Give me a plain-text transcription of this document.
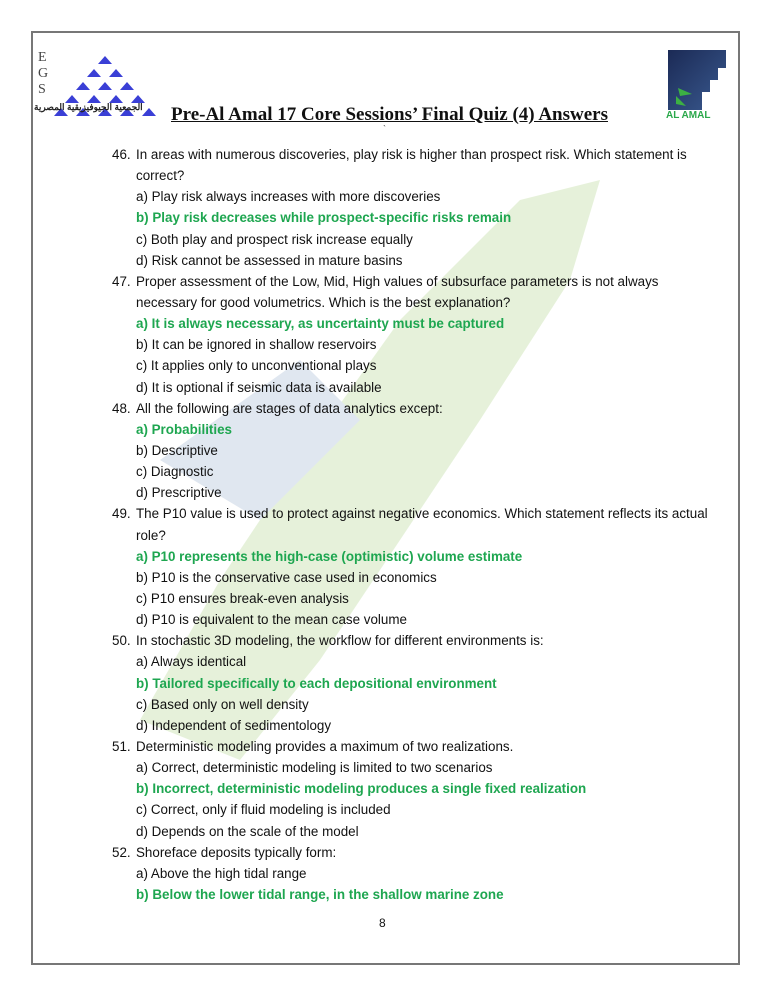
E
G
S
الجمعية الجيوفيزيقية المصرية Pre-Al Amal 17 Core Sessions’ Final Quiz (4) Answers
`
AL AMAL
46. In areas with numerous discoveries, play risk is higher than prospect risk. Which statement is correct?
a) Play risk always increases with more discoveries
b) Play risk decreases while prospect-specific risks remain
c) Both play and prospect risk increase equally
d) Risk cannot be assessed in mature basins
47. Proper assessment of the Low, Mid, High values of subsurface parameters is not always necessary for good volumetrics. Which is the best explanation?
a) It is always necessary, as uncertainty must be captured
b) It can be ignored in shallow reservoirs
c) It applies only to unconventional plays
d) It is optional if seismic data is available
48. All the following are stages of data analytics except:
a) Probabilities
b) Descriptive
c) Diagnostic
d) Prescriptive
49. The P10 value is used to protect against negative economics. Which statement reflects its actual role?
a) P10 represents the high-case (optimistic) volume estimate
b) P10 is the conservative case used in economics
c) P10 ensures break-even analysis
d) P10 is equivalent to the mean case volume
50. In stochastic 3D modeling, the workflow for different environments is:
a) Always identical
b) Tailored specifically to each depositional environment
c) Based only on well density
d) Independent of sedimentology
51. Deterministic modeling provides a maximum of two realizations.
a) Correct, deterministic modeling is limited to two scenarios
b) Incorrect, deterministic modeling produces a single fixed realization
c) Correct, only if fluid modeling is included
d) Depends on the scale of the model
52. Shoreface deposits typically form:
a) Above the high tidal range
b) Below the lower tidal range, in the shallow marine zone
8
